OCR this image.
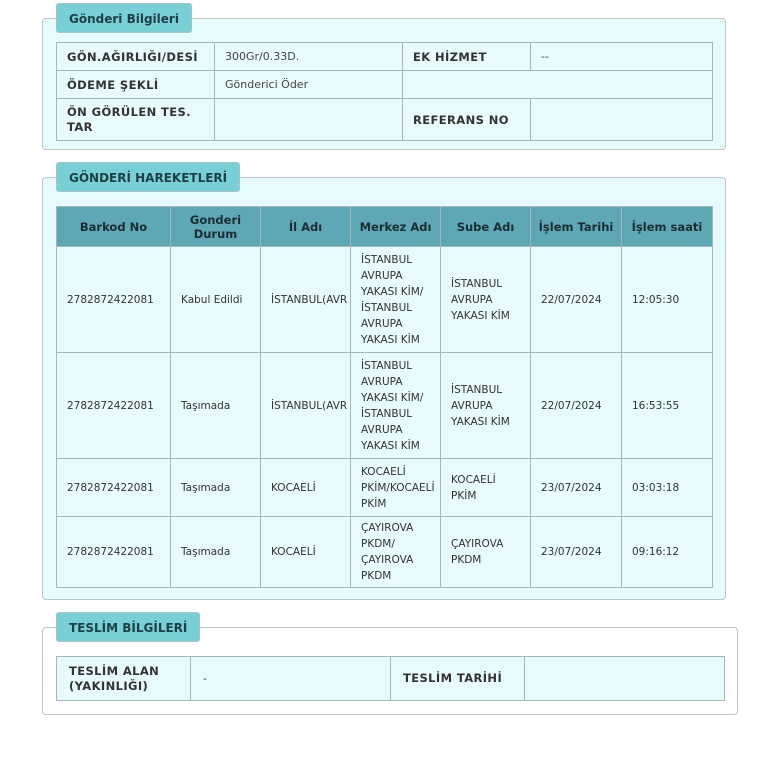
Gönderi Bilgileri
GÖN.AĞIRLIĞI/DESİ	300Gr/0.33D.	EK HİZMET	--
ÖDEME ŞEKLİ	Gönderici Öder		
ÖN GÖRÜLEN TES. TAR		REFERANS NO	
GÖNDERİ HAREKETLERİ
Barkod No	Gonderi Durum	İl Adı	Merkez Adı	Sube Adı	İşlem Tarihi	İşlem saati
2782872422081	Kabul Edildi	İSTANBUL(AVR	İSTANBUL AVRUPA YAKASI KİM/ İSTANBUL AVRUPA YAKASI KİM	İSTANBUL AVRUPA YAKASI KİM	22/07/2024	12:05:30
2782872422081	Taşımada	İSTANBUL(AVR	İSTANBUL AVRUPA YAKASI KİM/ İSTANBUL AVRUPA YAKASI KİM	İSTANBUL AVRUPA YAKASI KİM	22/07/2024	16:53:55
2782872422081	Taşımada	KOCAELİ	KOCAELİ PKİM/KOCAELİ PKİM	KOCAELİ PKİM	23/07/2024	03:03:18
2782872422081	Taşımada	KOCAELİ	ÇAYIROVA PKDM/ ÇAYIROVA PKDM	ÇAYIROVA PKDM	23/07/2024	09:16:12
TESLİM BİLGİLERİ
TESLİM ALAN (YAKINLIĞI)	-	TESLİM TARİHİ	
